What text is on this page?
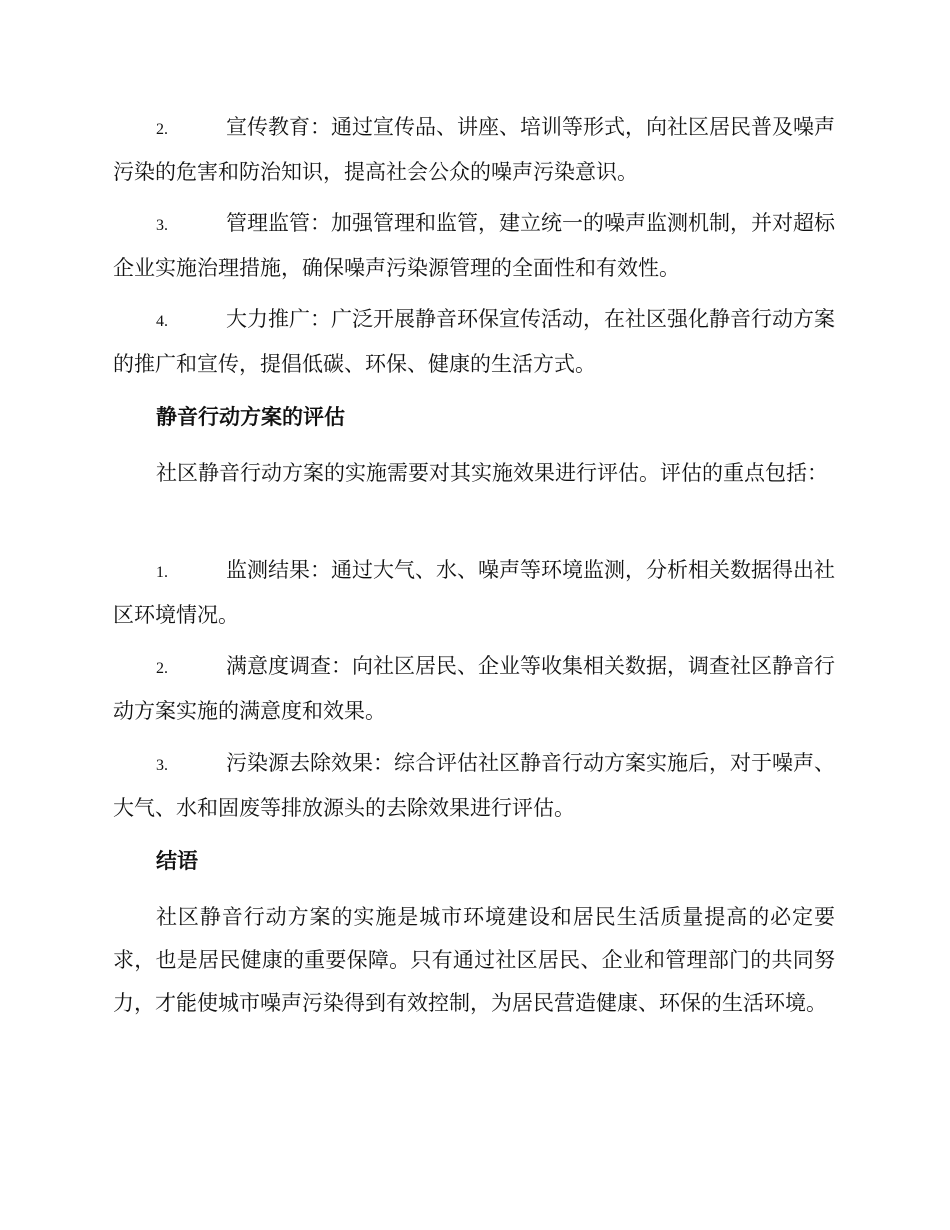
2.	宣传教育：通过宣传品、讲座、培训等形式，向社区居民普及噪声污染的危害和防治知识，提高社会公众的噪声污染意识。
3.	管理监管：加强管理和监管，建立统一的噪声监测机制，并对超标企业实施治理措施，确保噪声污染源管理的全面性和有效性。
4.	大力推广：广泛开展静音环保宣传活动，在社区强化静音行动方案的推广和宣传，提倡低碳、环保、健康的生活方式。
静音行动方案的评估
社区静音行动方案的实施需要对其实施效果进行评估。评估的重点包括：
1.	监测结果：通过大气、水、噪声等环境监测，分析相关数据得出社区环境情况。
2.	满意度调查：向社区居民、企业等收集相关数据，调查社区静音行动方案实施的满意度和效果。
3.	污染源去除效果：综合评估社区静音行动方案实施后，对于噪声、大气、水和固废等排放源头的去除效果进行评估。
结语
社区静音行动方案的实施是城市环境建设和居民生活质量提高的必定要求，也是居民健康的重要保障。只有通过社区居民、企业和管理部门的共同努力，才能使城市噪声污染得到有效控制，为居民营造健康、环保的生活环境。
